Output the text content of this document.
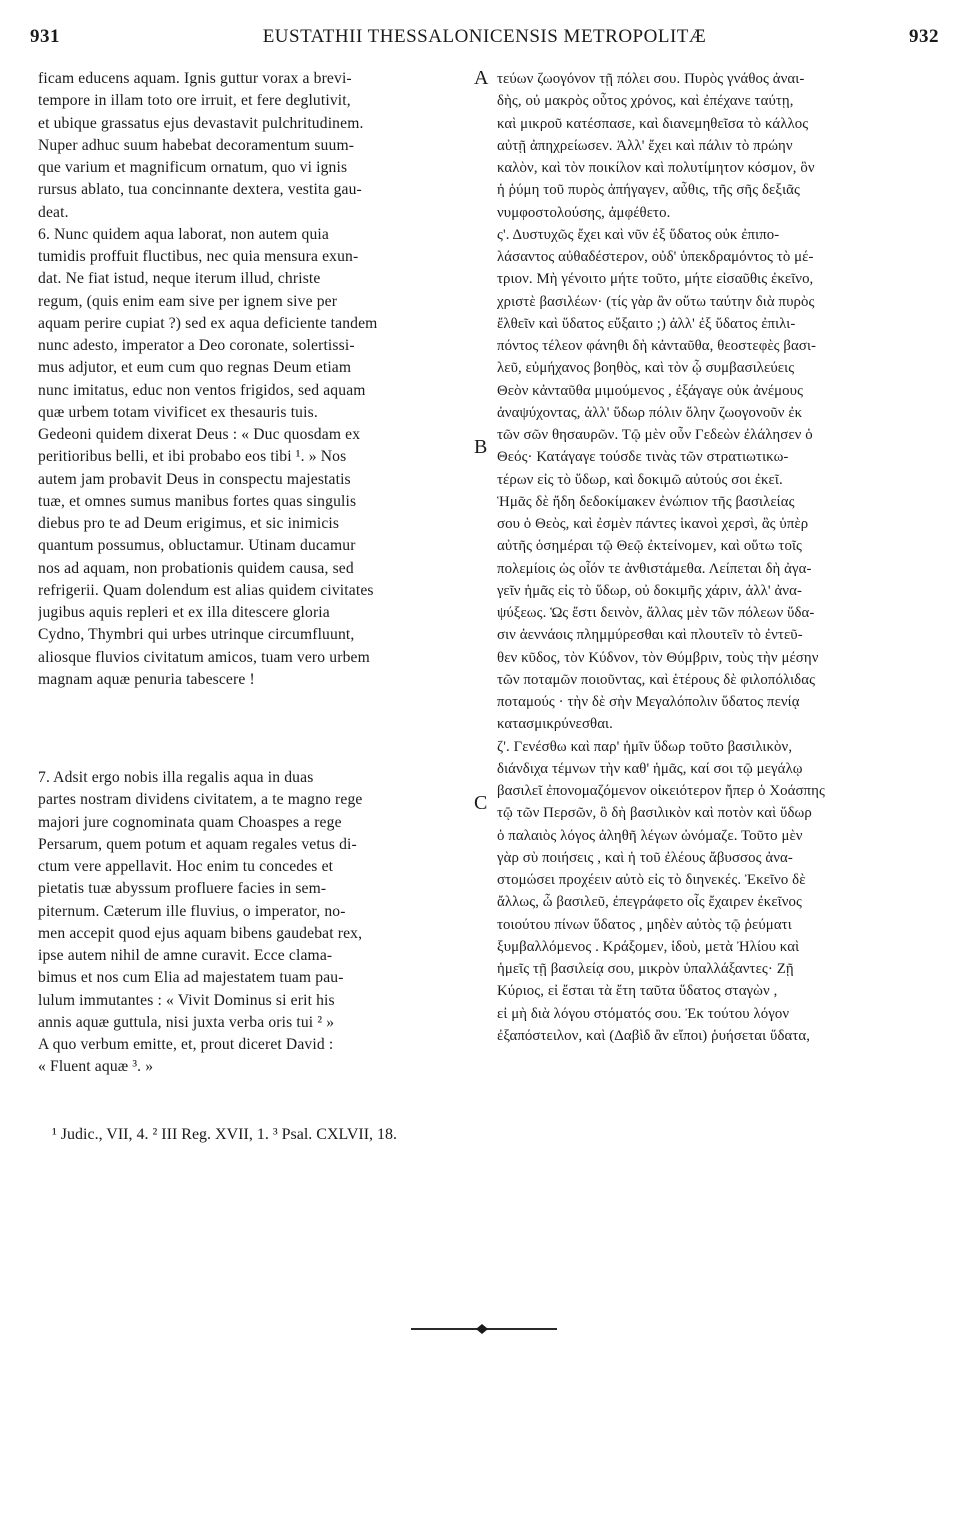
931	EUSTATHII THESSALONICENSIS METROPOLITÆ	932
ficam educens aquam. Ignis guttur vorax a brevi-
tempore in illam toto ore irruit, et fere deglutivit,
et ubique grassatus ejus devastavit pulchritudinem.
Nuper adhuc suum habebat decoramentum suum-
que varium et magnificum ornatum, quo vi ignis
rursus ablato, tua concinnante dextera, vestita gau-
deat.
6. Nunc quidem aqua laborat, non autem quia
tumidis proffuit fluctibus, nec quia mensura exun-
dat. Ne fiat istud, neque iterum illud, christe
regum, (quis enim eam sive per ignem sive per
aquam perire cupiat ?) sed ex aqua deficiente tandem
nunc adesto, imperator a Deo coronate, solertissi-
mus adjutor, et eum cum quo regnas Deum etiam
nunc imitatus, educ non ventos frigidos, sed aquam
quæ urbem totam vivificet ex thesauris tuis.
Gedeoni quidem dixerat Deus : « Duc quosdam ex
peritioribus belli, et ibi probabo eos tibi ¹. » Nos
autem jam probavit Deus in conspectu majestatis
tuæ, et omnes sumus manibus fortes quas singulis
diebus pro te ad Deum erigimus, et sic inimicis
quantum possumus, obluctamur. Utinam ducamur
nos ad aquam, non probationis quidem causa, sed
refrigerii. Quam dolendum est alias quidem civitates
jugibus aquis repleri et ex illa ditescere gloria
Cydno, Thymbri qui urbes utrinque circumfluunt,
aliosque fluvios civitatum amicos, tuam vero urbem
magnam aquæ penuria tabescere !
7. Adsit ergo nobis illa regalis aqua in duas
partes nostram dividens civitatem, a te magno rege
majori jure cognominata quam Choaspes a rege
Persarum, quem potum et aquam regales vetus di-
ctum vere appellavit. Hoc enim tu concedes et
pietatis tuæ abyssum profluere facies in sem-
piternum. Cæterum ille fluvius, o imperator, no-
men accepit quod ejus aquam bibens gaudebat rex,
ipse autem nihil de amne curavit. Ecce clama-
bimus et nos cum Elia ad majestatem tuam pau-
lulum immutantes : « Vivit Dominus si erit his
annis aquæ guttula, nisi juxta verba oris tui ² »
A quo verbum emitte, et, prout diceret David :
« Fluent aquæ ³. »
τεύων ζωογόνον τῇ πόλει σου. Πυρὸς γνάθος ἀναι-
δὴς, οὐ μακρὸς οὗτος χρόνος, καὶ ἐπέχανε ταύτῃ,
καὶ μικροῦ κατέσπασε, καὶ διανεμηθεῖσα τὸ κάλλος
αὐτῇ ἀπηχρείωσεν. Ἀλλ' ἔχει καὶ πάλιν τὸ πρώην
καλὸν, καὶ τὸν ποικίλον καὶ πολυτίμητον κόσμον, ὃν
ἡ ῥύμη τοῦ πυρὸς ἀπήγαγεν, αὖθις, τῆς σῆς δεξιᾶς
νυμφοστολούσης, ἀμφέθετο.
ς'. Δυστυχῶς ἔχει καὶ νῦν ἐξ ὕδατος οὐκ ἐπιπο-
λάσαντος αὐθαδέστερον, οὐδ' ὑπεκδραμόντος τὸ μέ-
τριον. Μὴ γένοιτο μήτε τοῦτο, μήτε εἰσαῦθις ἐκεῖνο,
χριστὲ βασιλέων· (τίς γὰρ ἂν οὕτω ταύτην διὰ πυρὸς
ἔλθεῖν καὶ ὕδατος εὔξαιτο ;) ἀλλ' ἐξ ὕδατος ἐπιλι-
πόντος τέλεον φάνηθι δὴ κἀνταῦθα, θεοστεφὲς βασι-
λεῦ, εὐμήχανος βοηθὸς, καὶ τὸν ᾧ συμβασιλεύεις
Θεὸν κἀνταῦθα μιμούμενος , ἐξάγαγε οὐκ ἀνέμους
ἀναψύχοντας, ἀλλ' ὕδωρ πόλιν ὅλην ζωογονοῦν ἐκ
τῶν σῶν θησαυρῶν. Τῷ μὲν οὖν Γεδεὼν ἐλάλησεν ὁ
Θεός· Κατάγαγε τούσδε τινὰς τῶν στρατιωτικω-
τέρων εἰς τὸ ὕδωρ, καὶ δοκιμῶ αὐτούς σοι ἐκεῖ.
Ἡμᾶς δὲ ἤδη δεδοκίμακεν ἐνώπιον τῆς βασιλείας
σου ὁ Θεὸς, καὶ ἐσμὲν πάντες ἱκανοὶ χερσὶ, ἃς ὑπὲρ
αὐτῆς ὁσημέραι τῷ Θεῷ ἐκτείνομεν, καὶ οὕτω τοῖς
πολεμίοις ὡς οἷόν τε ἀνθιστάμεθα. Λείπεται δὴ ἀγα-
γεῖν ἡμᾶς εἰς τὸ ὕδωρ, οὐ δοκιμῆς χάριν, ἀλλ' ἀνα-
ψύξεως. Ὡς ἔστι δεινὸν, ἄλλας μὲν τῶν πόλεων ὕδα-
σιν ἀεννάοις πλημμύρεσθαι καὶ πλουτεῖν τὸ ἐντεῦ-
θεν κῦδος, τὸν Κύδνον, τὸν Θύμβριν, τοὺς τὴν μέσην
τῶν ποταμῶν ποιοῦντας, καὶ ἑτέρους δὲ φιλοπόλιδας
ποταμούς · τὴν δὲ σὴν Μεγαλόπολιν ὕδατος πενίᾳ
κατασμικρύνεσθαι.
ζ'. Γενέσθω καὶ παρ' ἡμῖν ὕδωρ τοῦτο βασιλικὸν,
διάνδιχα τέμνων τὴν καθ' ἡμᾶς, καί σοι τῷ μεγάλῳ
βασιλεῖ ἐπονομαζόμενον οἰκειότερον ἤπερ ὁ Χοάσπης
τῷ τῶν Περσῶν, ὃ δὴ βασιλικὸν καὶ ποτὸν καὶ ὕδωρ
ὁ παλαιὸς λόγος ἀληθῆ λέγων ὠνόμαζε. Τοῦτο μὲν
γὰρ σὺ ποιήσεις , καὶ ἡ τοῦ ἐλέους ἄβυσσος ἀνα-
στομώσει προχέειν αὐτὸ εἰς τὸ διηνεκές. Ἐκεῖνο δὲ
ἄλλως, ὦ βασιλεῦ, ἐπεγράφετο οἷς ἔχαιρεν ἐκεῖνος
τοιούτου πίνων ὕδατος , μηδὲν αὐτὸς τῷ ῥεύματι
ξυμβαλλόμενος . Κράξομεν, ἰδοὺ, μετὰ Ἠλίου καὶ
ἡμεῖς τῇ βασιλείᾳ σου, μικρὸν ὑπαλλάξαντες· Ζῇ
Κύριος, εἰ ἔσται τὰ ἔτη ταῦτα ὕδατος σταγὼν ,
εἰ μὴ διὰ λόγου στόματός σου. Ἐκ τούτου λόγον
ἐξαπόστειλον, καὶ (Δαβὶδ ἂν εἴποι) ῥυήσεται ὕδατα,
A
B
C
¹ Judic., VII, 4. ² III Reg. XVII, 1. ³ Psal. CXLVII, 18.
